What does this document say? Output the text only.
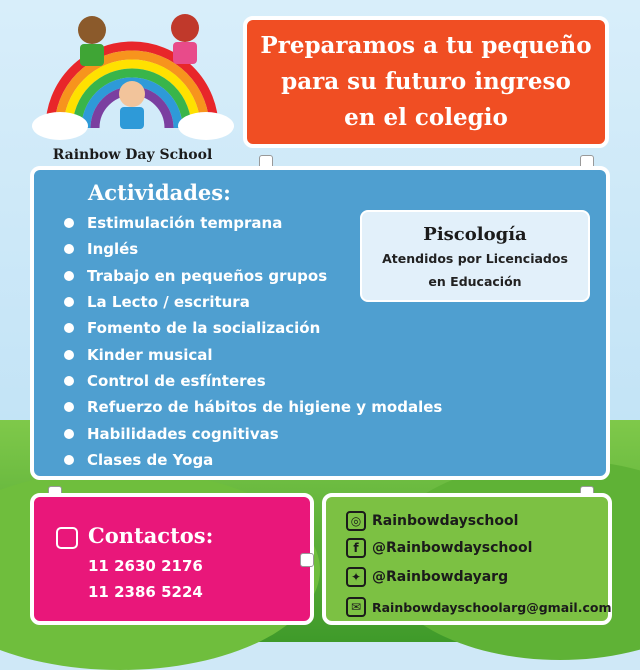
Rainbow Day School
Preparamos a tu pequeño
para su futuro ingreso
en el colegio
Actividades:
Estimulación temprana
Inglés
Trabajo en pequeños grupos
La Lecto / escritura
Fomento de la socialización
Kinder musical
Control de esfínteres
Refuerzo de hábitos de higiene y modales
Habilidades cognitivas
Clases de Yoga
Piscología
Atendidos por Licenciados
en Educación
Contactos:
11 2630 2176
11 2386 5224
◎ Rainbowdayschool
f @Rainbowdayschool
✦ @Rainbowdayarg
✉ Rainbowdayschoolarg@gmail.com
